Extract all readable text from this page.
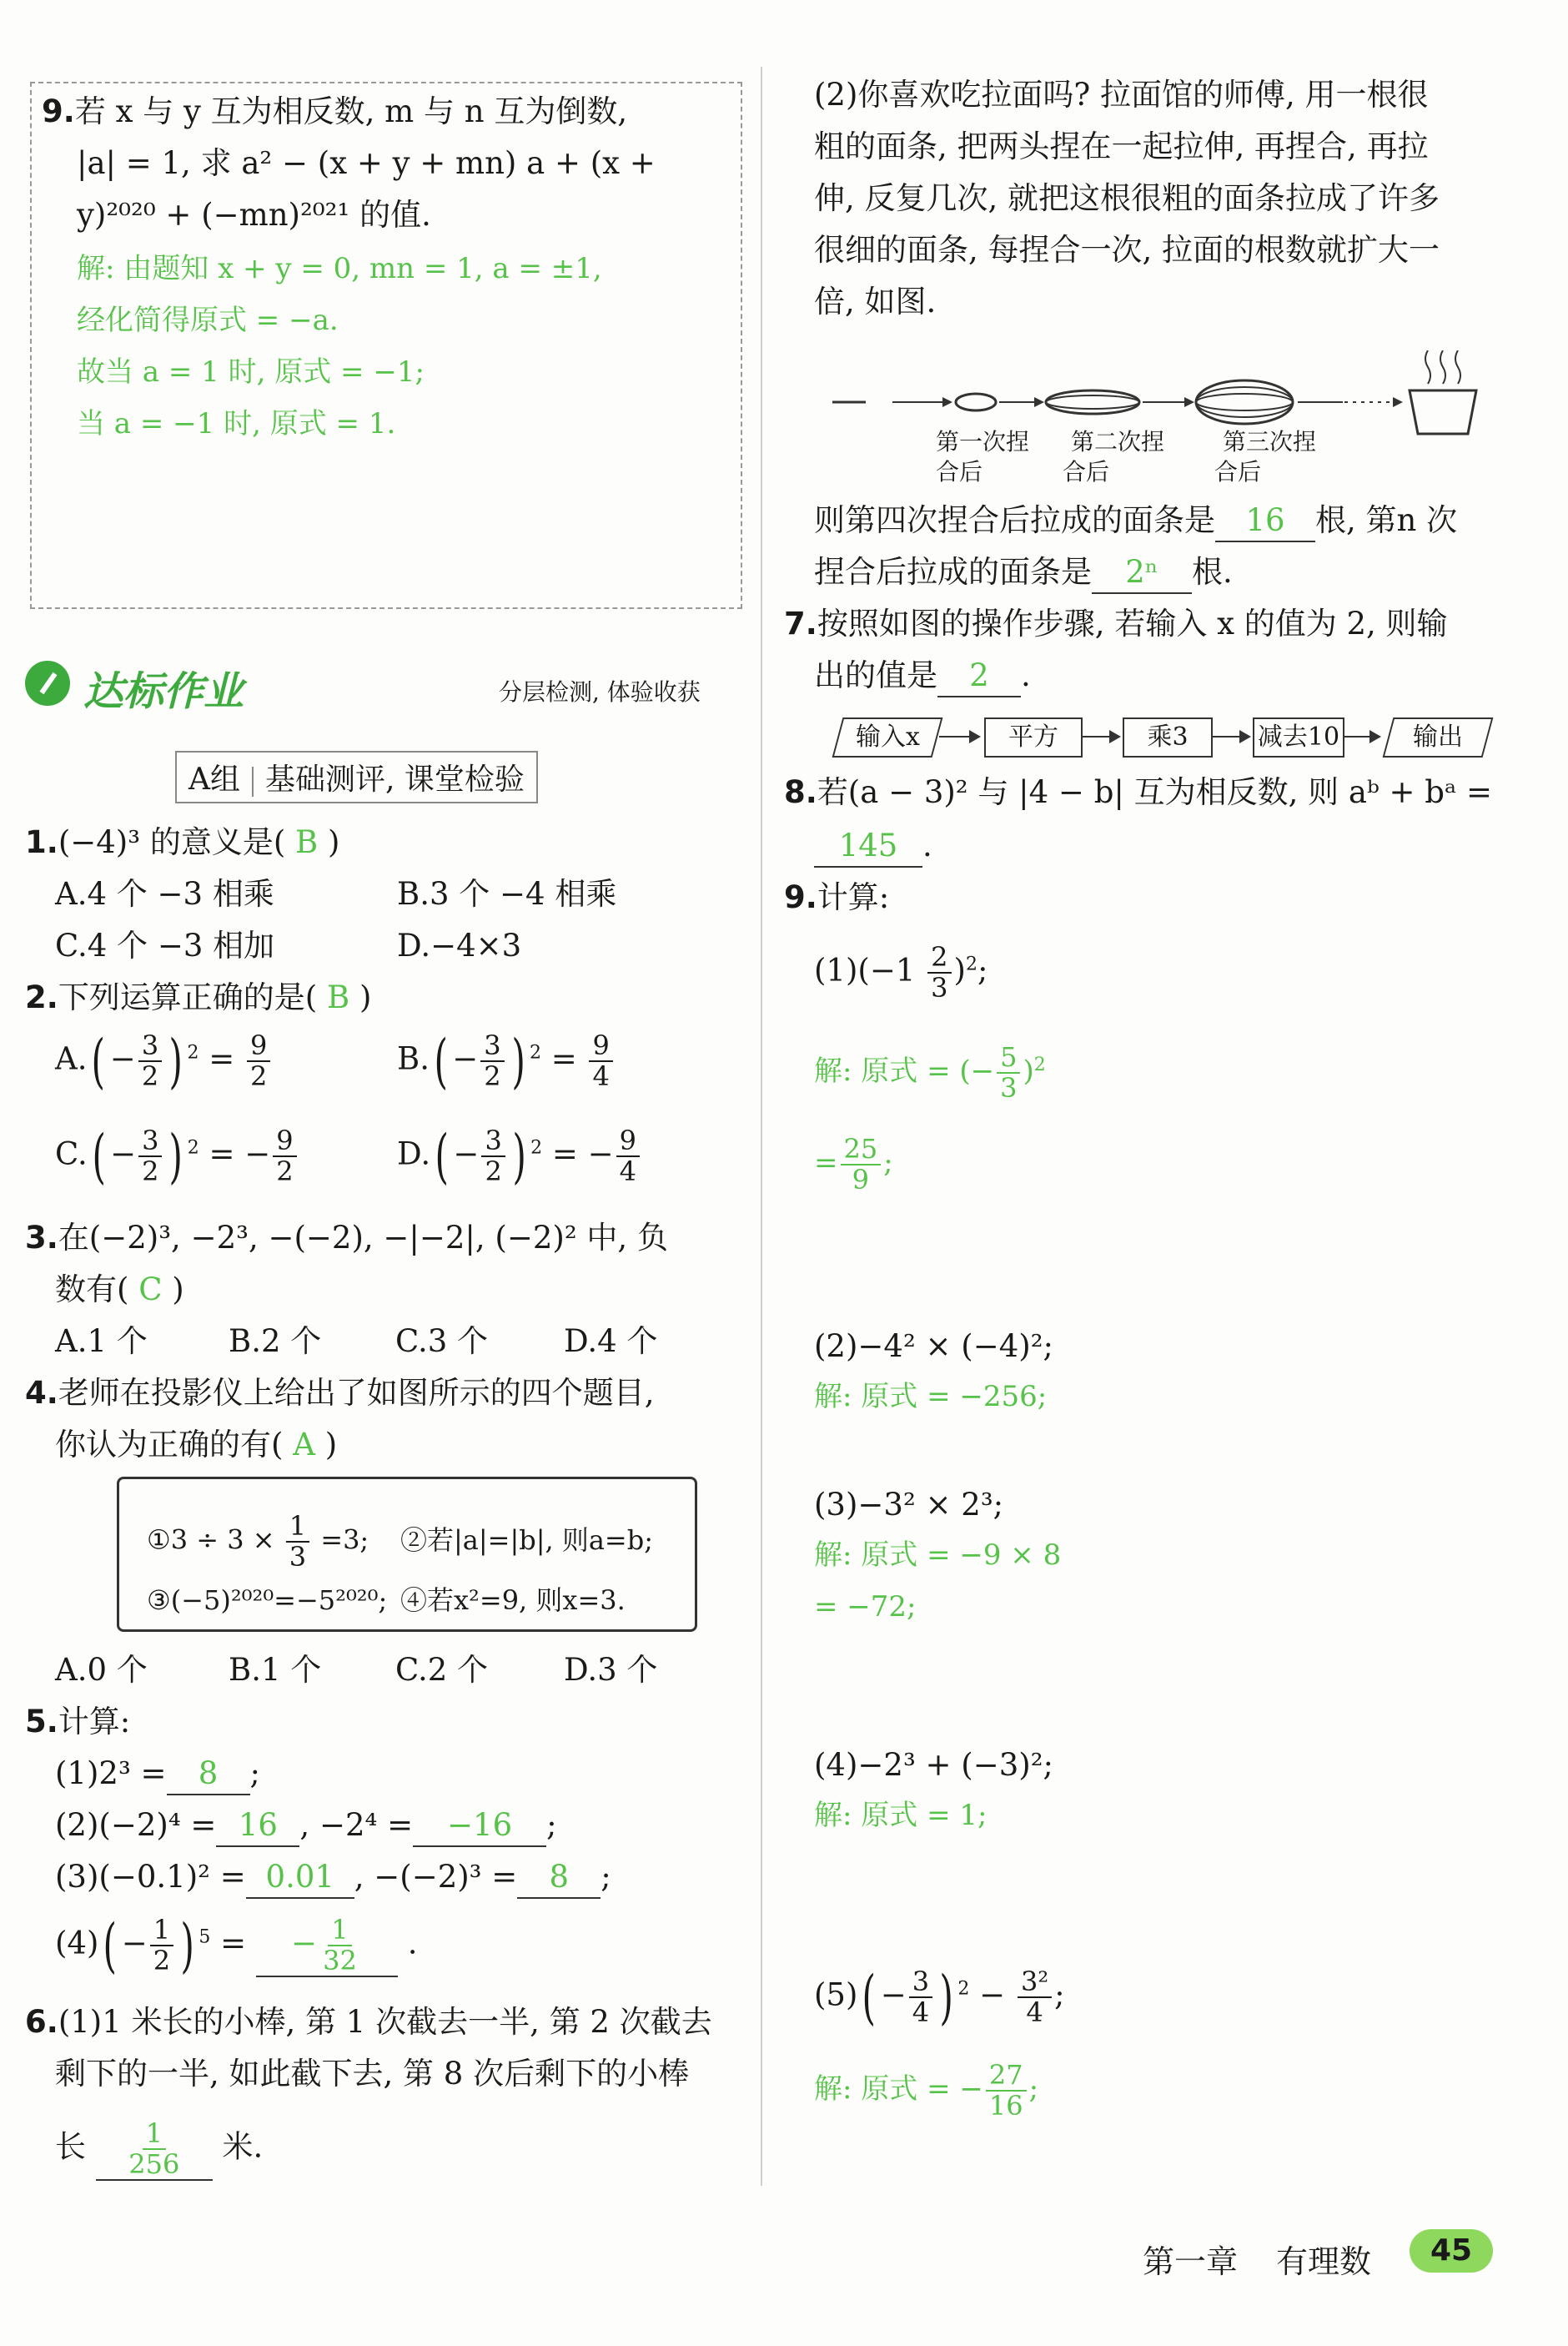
9.若 x 与 y 互为相反数, m 与 n 互为倒数,
|a| = 1, 求 a² − (x + y + mn) a + (x +
y)²⁰²⁰ + (−mn)²⁰²¹ 的值.
解: 由题知 x + y = 0, mn = 1, a = ±1,
经化简得原式 = −a.
故当 a = 1 时, 原式 = −1;
当 a = −1 时, 原式 = 1.
达标作业	分层检测, 体验收获
A组 基础测评, 课堂检验
1.(−4)³ 的意义是( B )
A.4 个 −3 相乘	B.3 个 −4 相乘
C.4 个 −3 相加	D.−4×3
2.下列运算正确的是( B )
$A.( - \frac{3}{2}$ ) $^2 = \frac{9}{2}$	$B.( - \frac{3}{2}$ ) $^2 = \frac{9}{4}$
$C.( - \frac{3}{2}$ ) $^2$ = − $\frac{9}{2}$	$D.( - \frac{3}{2}$ ) $^2$ = − $\frac{9}{4}$
3.在(−2)³, −2³, −(−2), −|−2|, (−2)² 中, 负
数有( C )
A.1 个	B.2 个 C.3 个 D.4 个
4.老师在投影仪上给出了如图所示的四个题目,
你认为正确的有( A )
①3 ÷ $3 \times \frac{1}{3} =3$; ②若|a|=|b|, 则a=b;
③(−5)²⁰²⁰=−5²⁰²⁰; ④若x²=9, 则x=3.
A.0 个	B.1 个 C.2 个 D.3 个
5.计算:
(1)2³ = 8 ;
(2)(−2)⁴ = 16 , −2⁴ = −16 ;
(3)(−0.1)² = 0.01 , −(−2)³ = 8 ;
$(4)( - \frac{1}{2}$ ) $^5$ = − $\frac{1}{32}$ .
6.(1)1 米长的小棒, 第 1 次截去一半, 第 2 次截去
剩下的一半, 如此截下去, 第 8 次后剩下的小棒
长 $\frac{1}{256}$ 米.
(2)你喜欢吃拉面吗? 拉面馆的师傅, 用一根很
粗的面条, 把两头捏在一起拉伸, 再捏合, 再拉
伸, 反复几次, 就把这根很粗的面条拉成了许多
很细的面条, 每捏合一次, 拉面的根数就扩大一
倍, 如图.
第一次捏
合后
第二次捏
合后
第三次捏
合后
则第四次捏合后拉成的面条是 16 根, 第n 次
捏合后拉成的面条是 2ⁿ 根.
7.按照如图的操作步骤, 若输入 x 的值为 2, 则输
出的值是 2 .
输入x	平方	乘3	减去10	输出
8.若(a − 3)² 与 |4 − b| 互为相反数, 则 aᵇ + bᵃ =
145 .
9.计算:
$(1)(-1 \frac{2}{3} )^2$;
解: 原式 = (− $\frac{5}{3} )^2$
= $\frac{25}{9}$ ;
(2)−4² × (−4)²;
解: 原式 = −256;
(3)−3² × 2³;
解: 原式 = −9 × 8
= −72;
(4)−2³ + (−3)²;
解: 原式 = 1;
$(5)( - \frac{3}{4}$ ) $^2 - \frac{\text{3²}}{4}$ ;
解: 原式 = − $\frac{27}{16}$ ;
第一章 有理数	45
